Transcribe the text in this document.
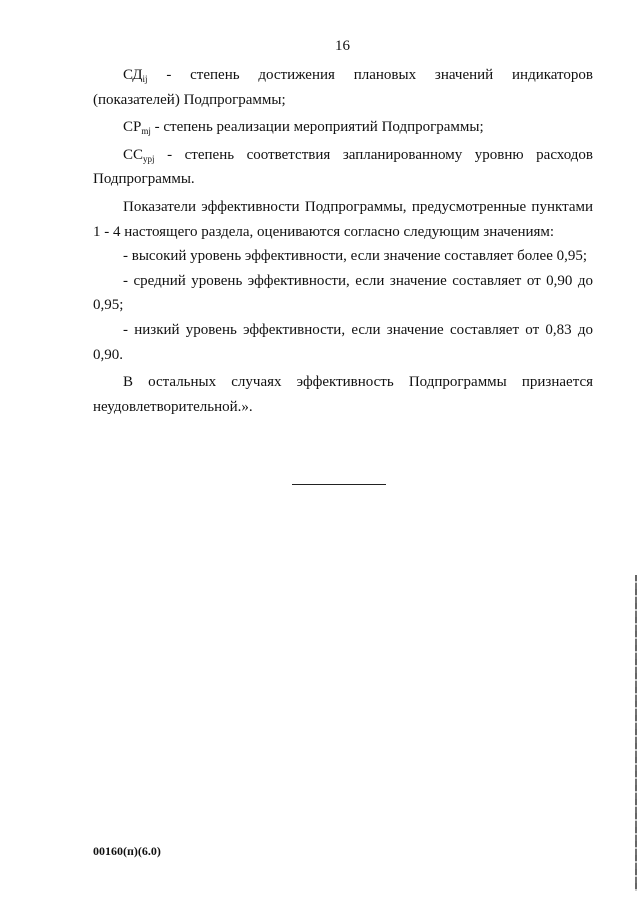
16

$СД_{ij}$ - степень достижения плановых значений индикаторов (показателей) Подпрограммы;

$СР_{mj}$ - степень реализации мероприятий Подпрограммы;

$СС_{урj}$ - степень соответствия запланированному уровню расходов Подпрограммы.

Показатели эффективности Подпрограммы, предусмотренные пунктами 1 - 4 настоящего раздела, оцениваются согласно следующим значениям:

- высокий уровень эффективности, если значение составляет более 0,95;

- средний уровень эффективности, если значение составляет от 0,90 до 0,95;

- низкий уровень эффективности, если значение составляет от 0,83 до 0,90.

В остальных случаях эффективность Подпрограммы признается неудовлетворительной.».

00160(п)(6.0)
